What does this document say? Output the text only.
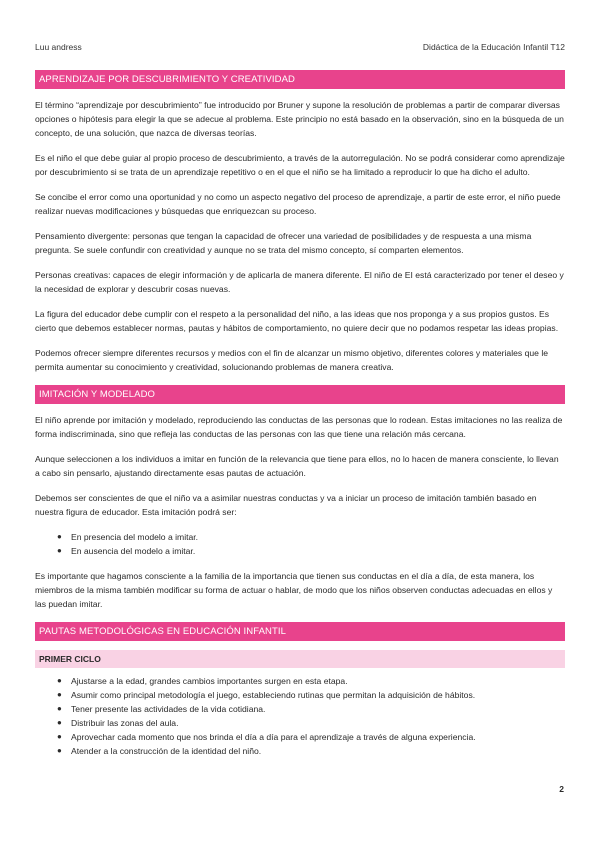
Luu andress	Didáctica de la Educación Infantil T12
APRENDIZAJE POR DESCUBRIMIENTO Y CREATIVIDAD

El término “aprendizaje por descubrimiento” fue introducido por Bruner y supone la resolución de problemas a partir de comparar diversas opciones o hipótesis para elegir la que se adecue al problema. Este principio no está basado en la observación, sino en la búsqueda de un concepto, de una solución, que nazca de diversas teorías.

Es el niño el que debe guiar al propio proceso de descubrimiento, a través de la autorregulación. No se podrá considerar como aprendizaje por descubrimiento si se trata de un aprendizaje repetitivo o en el que el niño se ha limitado a reproducir lo que ha dicho el adulto.

Se concibe el error como una oportunidad y no como un aspecto negativo del proceso de aprendizaje, a partir de este error, el niño puede realizar nuevas modificaciones y búsquedas que enriquezcan su proceso.

Pensamiento divergente: personas que tengan la capacidad de ofrecer una variedad de posibilidades y de respuesta a una misma pregunta. Se suele confundir con creatividad y aunque no se trata del mismo concepto, sí comparten elementos.

Personas creativas: capaces de elegir información y de aplicarla de manera diferente. El niño de EI está caracterizado por tener el deseo y la necesidad de explorar y descubrir cosas nuevas.

La figura del educador debe cumplir con el respeto a la personalidad del niño, a las ideas que nos proponga y a sus propios gustos. Es cierto que debemos establecer normas, pautas y hábitos de comportamiento, no quiere decir que no podamos respetar las ideas propias.

Podemos ofrecer siempre diferentes recursos y medios con el fin de alcanzar un mismo objetivo, diferentes colores y materiales que le permita aumentar su conocimiento y creatividad, solucionando problemas de manera creativa.

IMITACIÓN Y MODELADO

El niño aprende por imitación y modelado, reproduciendo las conductas de las personas que lo rodean. Estas imitaciones no las realiza de forma indiscriminada, sino que refleja las conductas de las personas con las que tiene una relación más cercana.

Aunque seleccionen a los individuos a imitar en función de la relevancia que tiene para ellos, no lo hacen de manera consciente, lo llevan a cabo sin pensarlo, ajustando directamente esas pautas de actuación.

Debemos ser conscientes de que el niño va a asimilar nuestras conductas y va a iniciar un proceso de imitación también basado en nuestra figura de educador. Esta imitación podrá ser:

● En presencia del modelo a imitar.
● En ausencia del modelo a imitar.

Es importante que hagamos consciente a la familia de la importancia que tienen sus conductas en el día a día, de esta manera, los miembros de la misma también modificar su forma de actuar o hablar, de modo que los niños observen conductas adecuadas en ellos y las puedan imitar.

PAUTAS METODOLÓGICAS EN EDUCACIÓN INFANTIL
PRIMER CICLO
● Ajustarse a la edad, grandes cambios importantes surgen en esta etapa.
● Asumir como principal metodología el juego, estableciendo rutinas que permitan la adquisición de hábitos.
● Tener presente las actividades de la vida cotidiana.
● Distribuir las zonas del aula.
● Aprovechar cada momento que nos brinda el día a día para el aprendizaje a través de alguna experiencia.
● Atender a la construcción de la identidad del niño.
2
